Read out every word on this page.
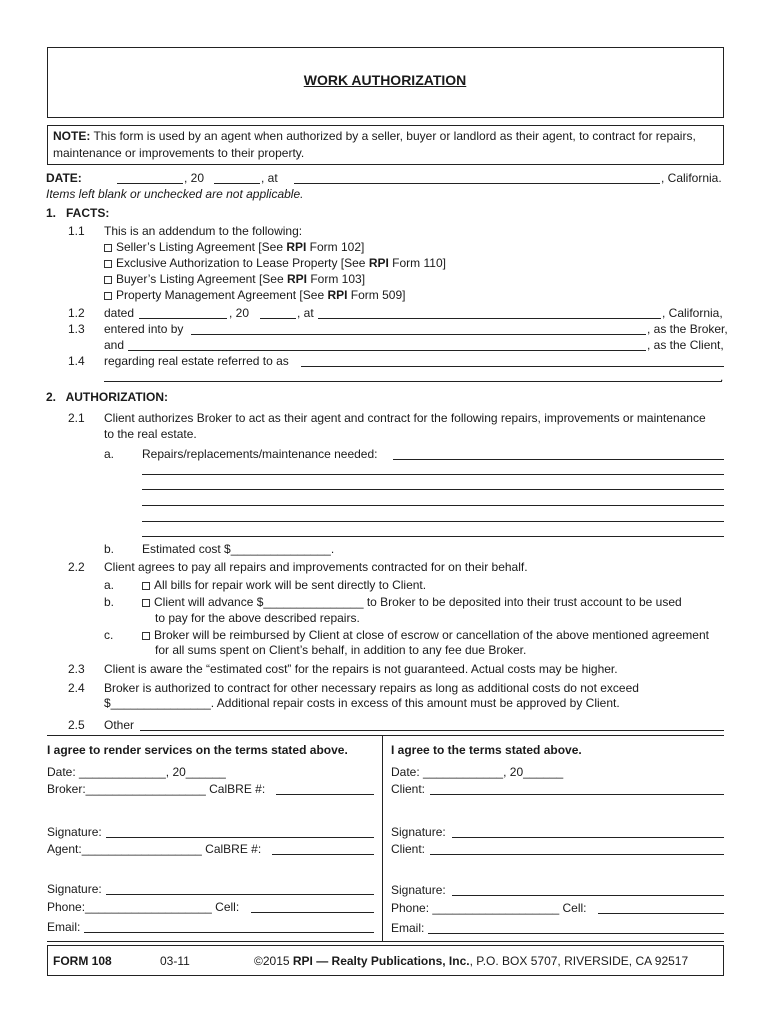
WORK AUTHORIZATION
NOTE: This form is used by an agent when authorized by a seller, buyer or landlord as their agent, to contract for repairs,
maintenance or improvements to their property.
DATE:	, 20	, at	, California.
Items left blank or unchecked are not applicable.
1.   FACTS:
1.1 This is an addendum to the following:
Seller’s Listing Agreement [See RPI Form 102]
Exclusive Authorization to Lease Property [See RPI Form 110]
Buyer’s Listing Agreement [See RPI Form 103]
Property Management Agreement [See RPI Form 509]
1.2 dated	, 20	, at	, California,
1.3 entered into by	, as the Broker,
and	, as the Client,
1.4 regarding real estate referred to as
.
2.   AUTHORIZATION:
2.1 Client authorizes Broker to act as their agent and contract for the following repairs, improvements or maintenance
to the real estate.
a. Repairs/replacements/maintenance needed:
b. Estimated cost $_______________.
2.2 Client agrees to pay all repairs and improvements contracted for on their behalf.
a.	All bills for repair work will be sent directly to Client.
b.	Client will advance $_______________ to Broker to be deposited into their trust account to be used
to pay for the above described repairs.
c.	Broker will be reimbursed by Client at close of escrow or cancellation of the above mentioned agreement
for all sums spent on Client’s behalf, in addition to any fee due Broker.
2.3 Client is aware the “estimated cost” for the repairs is not guaranteed. Actual costs may be higher.
2.4 Broker is authorized to contract for other necessary repairs as long as additional costs do not exceed
$_______________. Additional repair costs in excess of this amount must be approved by Client.
2.5 Other
I agree to render services on the terms stated above.
Date: _____________, 20______
Broker:__________________ CalBRE #:
Signature:
Agent:__________________ CalBRE #:
Signature:
Phone:___________________ Cell:
Email:
I agree to the terms stated above.
Date: ____________, 20______
Client:
Signature:
Client:
Signature:
Phone: ___________________ Cell:
Email:
FORM 108	03-11	©2015 RPI — Realty Publications, Inc., P.O. BOX 5707, RIVERSIDE, CA 92517
